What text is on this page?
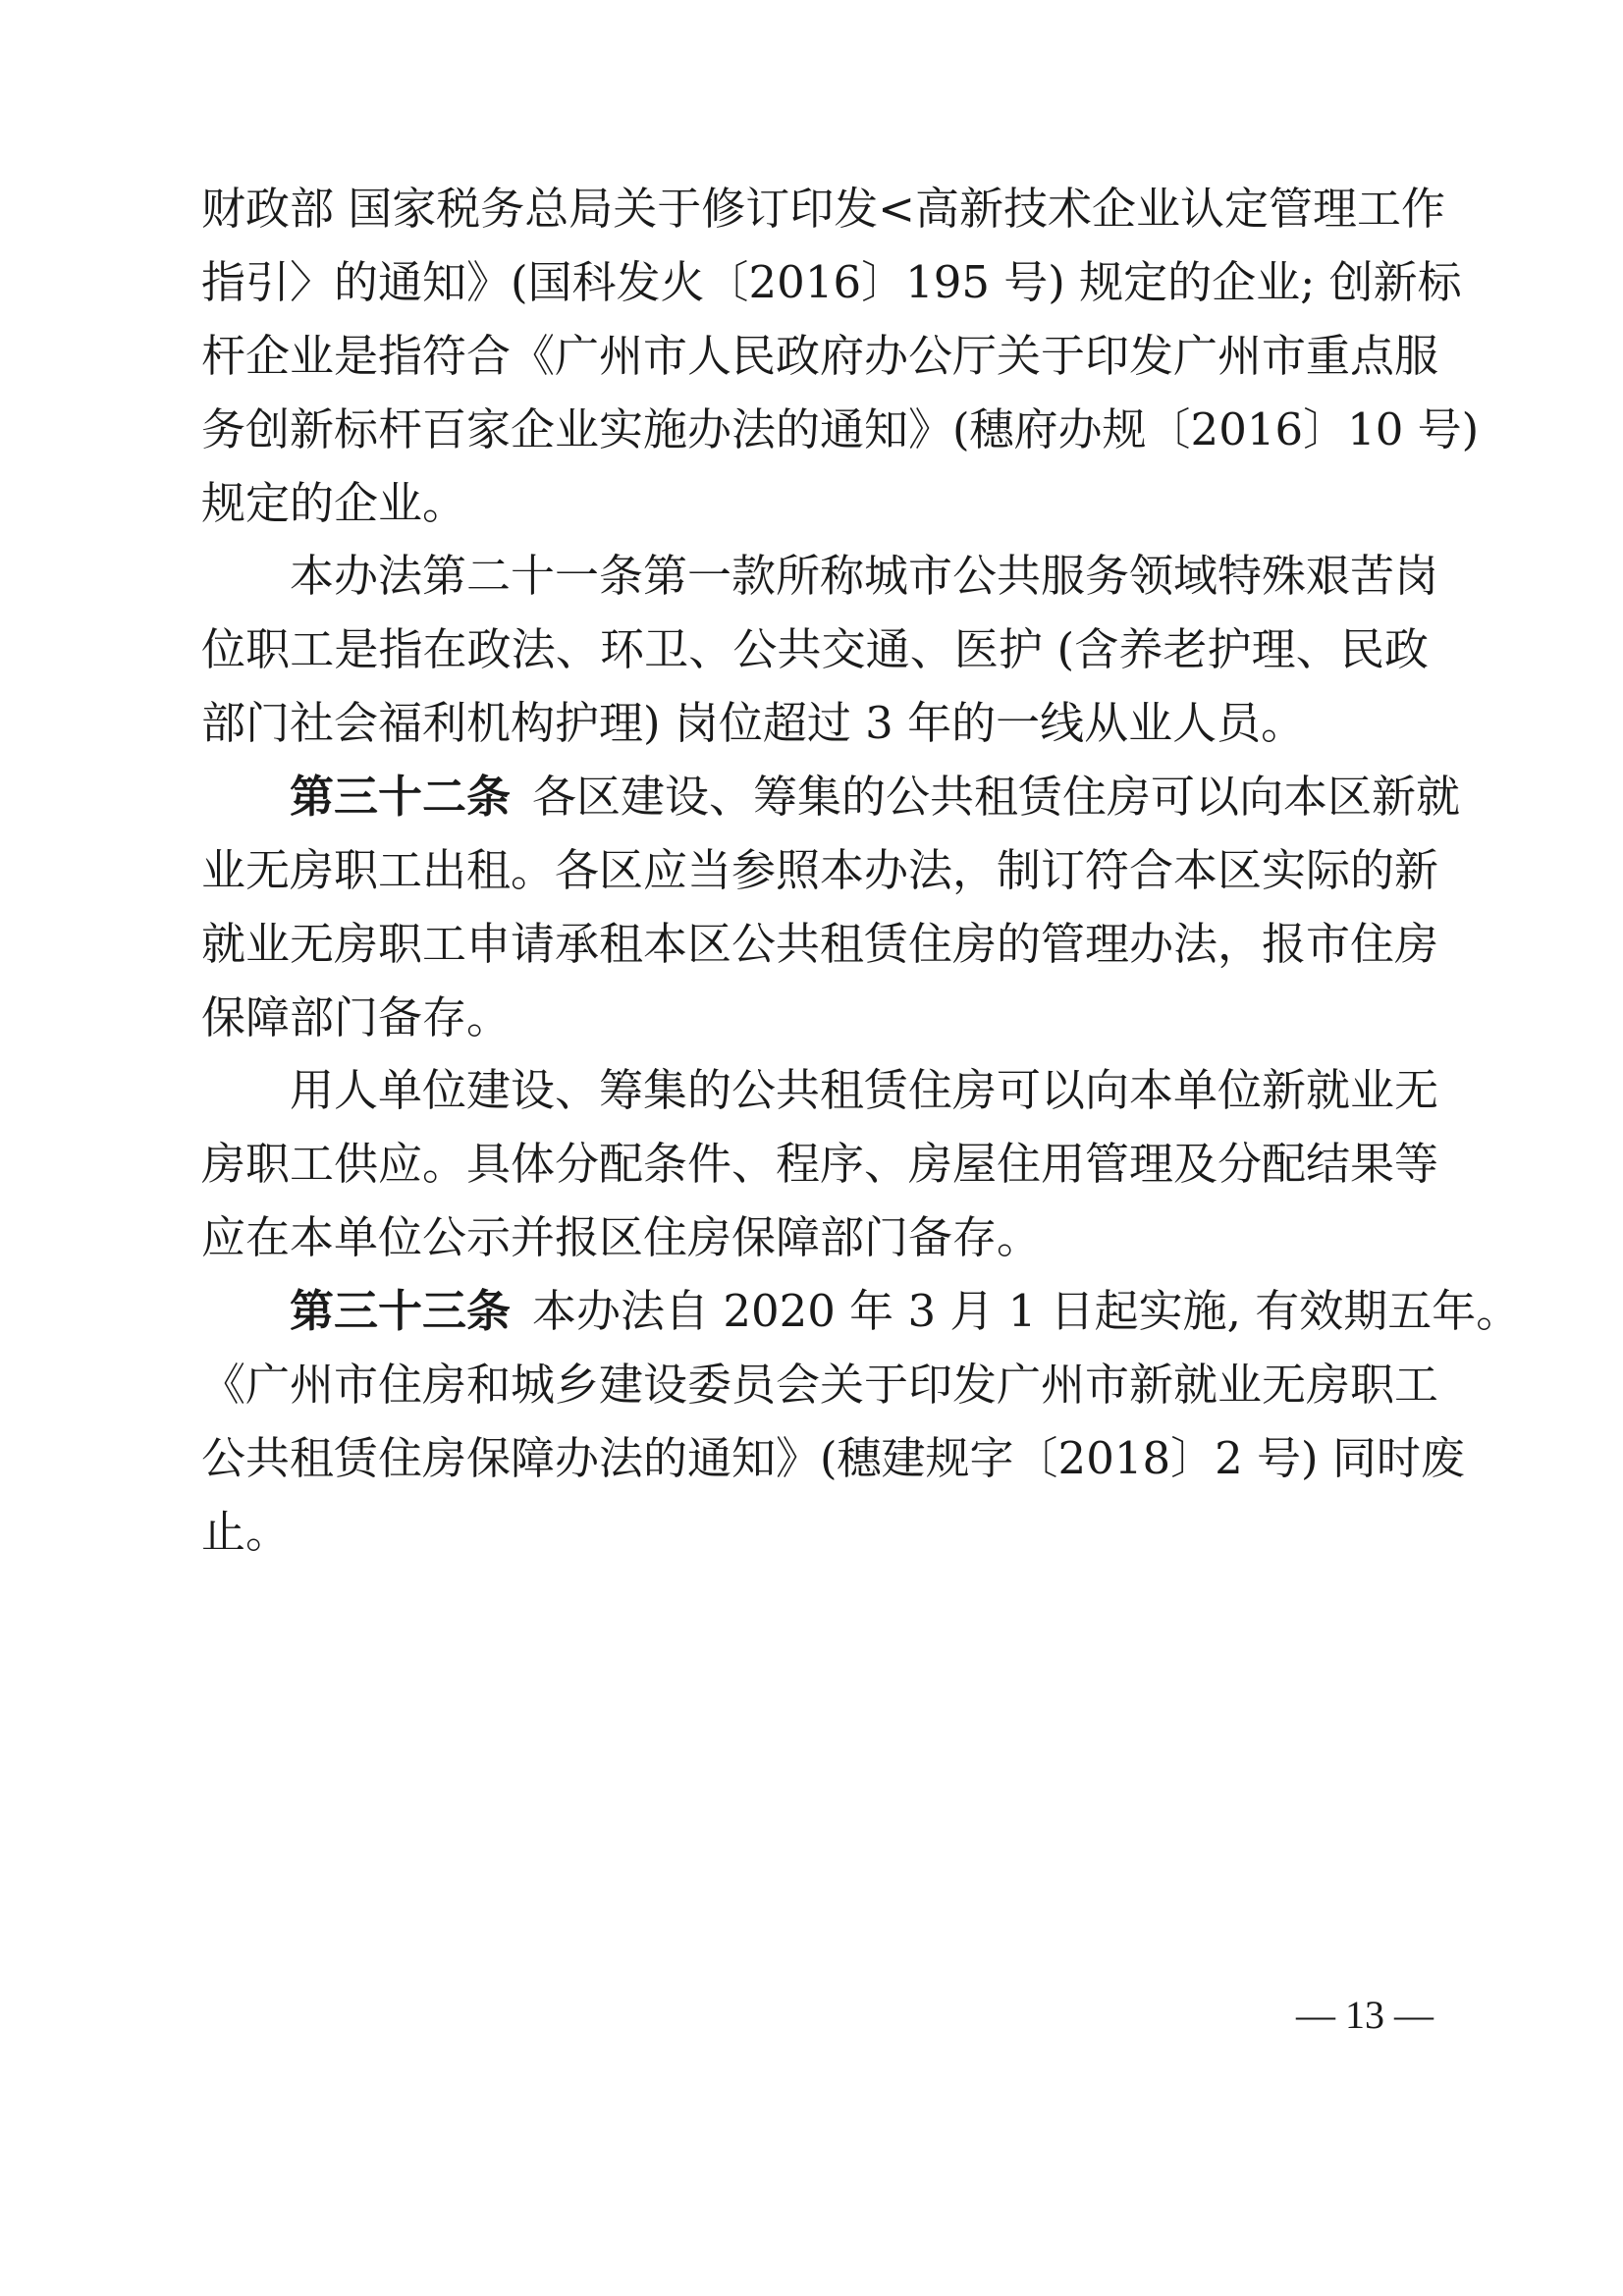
财政部 国家税务总局关于修订印发<高新技术企业认定管理工作
指引〉的通知》(国科发火〔2016〕195 号) 规定的企业; 创新标
杆企业是指符合《广州市人民政府办公厅关于印发广州市重点服
务创新标杆百家企业实施办法的通知》(穗府办规〔2016〕10 号)
规定的企业。
本办法第二十一条第一款所称城市公共服务领域特殊艰苦岗
位职工是指在政法、环卫、公共交通、医护 (含养老护理、民政
部门社会福利机构护理) 岗位超过 3 年的一线从业人员。
第三十二条 各区建设、筹集的公共租赁住房可以向本区新就
业无房职工出租。各区应当参照本办法，制订符合本区实际的新
就业无房职工申请承租本区公共租赁住房的管理办法，报市住房
保障部门备存。
用人单位建设、筹集的公共租赁住房可以向本单位新就业无
房职工供应。具体分配条件、程序、房屋住用管理及分配结果等
应在本单位公示并报区住房保障部门备存。
第三十三条 本办法自 2020 年 3 月 1 日起实施, 有效期五年。
《广州市住房和城乡建设委员会关于印发广州市新就业无房职工
公共租赁住房保障办法的通知》(穗建规字〔2018〕2 号) 同时废
止。
— 13 —
